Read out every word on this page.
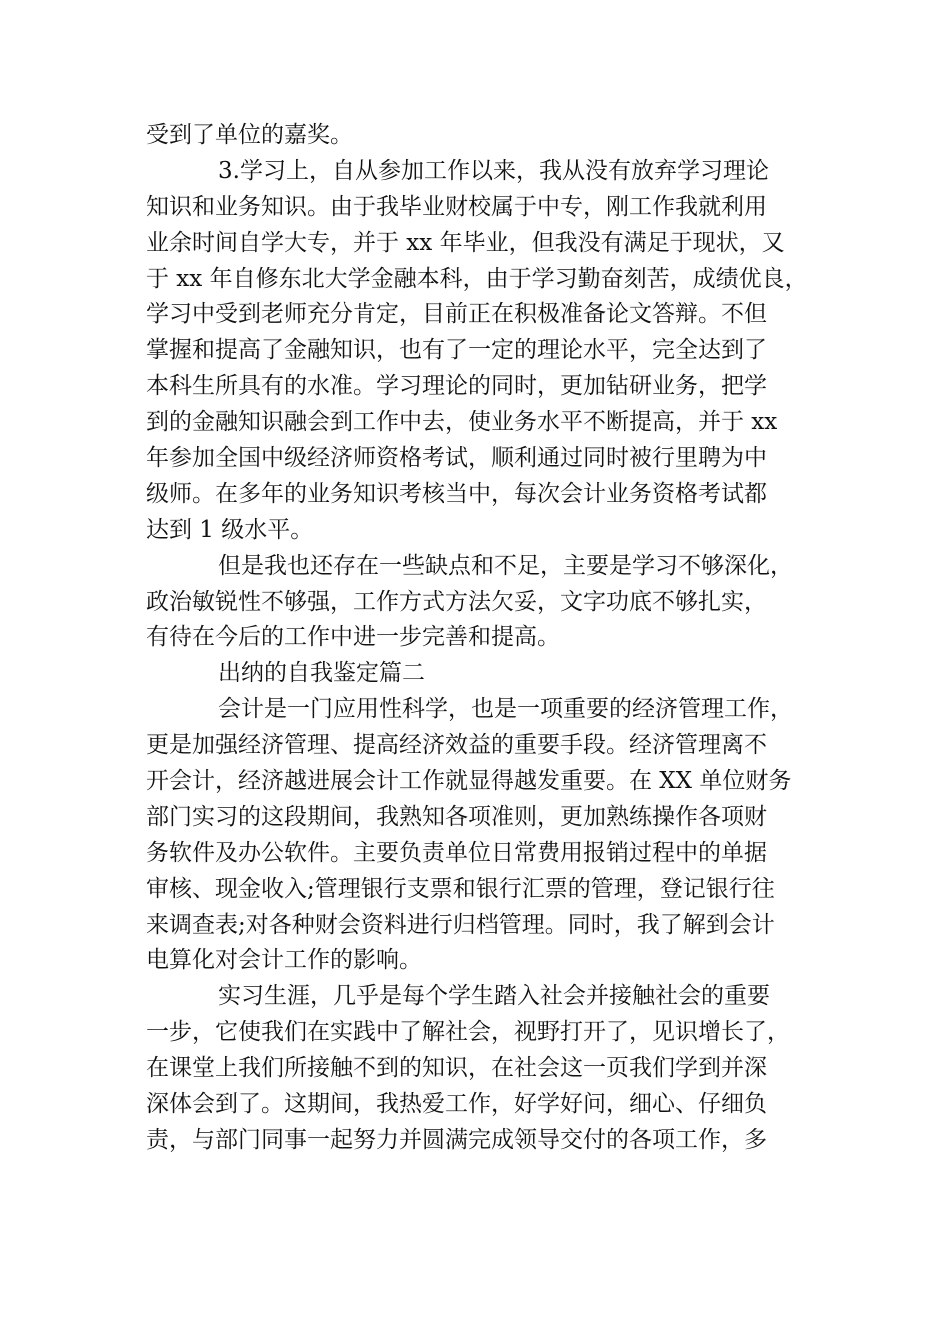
受到了单位的嘉奖。
3.学习上，自从参加工作以来，我从没有放弃学习理论
知识和业务知识。由于我毕业财校属于中专，刚工作我就利用
业余时间自学大专，并于 xx 年毕业，但我没有满足于现状，又
于 xx 年自修东北大学金融本科，由于学习勤奋刻苦，成绩优良，
学习中受到老师充分肯定，目前正在积极准备论文答辩。不但
掌握和提高了金融知识，也有了一定的理论水平，完全达到了
本科生所具有的水准。学习理论的同时，更加钻研业务，把学
到的金融知识融会到工作中去，使业务水平不断提高，并于 xx
年参加全国中级经济师资格考试，顺利通过同时被行里聘为中
级师。在多年的业务知识考核当中，每次会计业务资格考试都
达到 1 级水平。
但是我也还存在一些缺点和不足，主要是学习不够深化，
政治敏锐性不够强，工作方式方法欠妥，文字功底不够扎实，
有待在今后的工作中进一步完善和提高。
出纳的自我鉴定篇二
会计是一门应用性科学，也是一项重要的经济管理工作，
更是加强经济管理、提高经济效益的重要手段。经济管理离不
开会计，经济越进展会计工作就显得越发重要。在 XX 单位财务
部门实习的这段期间，我熟知各项准则，更加熟练操作各项财
务软件及办公软件。主要负责单位日常费用报销过程中的单据
审核、现金收入;管理银行支票和银行汇票的管理，登记银行往
来调查表;对各种财会资料进行归档管理。同时，我了解到会计
电算化对会计工作的影响。
实习生涯，几乎是每个学生踏入社会并接触社会的重要
一步，它使我们在实践中了解社会，视野打开了，见识增长了，
在课堂上我们所接触不到的知识，在社会这一页我们学到并深
深体会到了。这期间，我热爱工作，好学好问，细心、仔细负
责，与部门同事一起努力并圆满完成领导交付的各项工作，多
